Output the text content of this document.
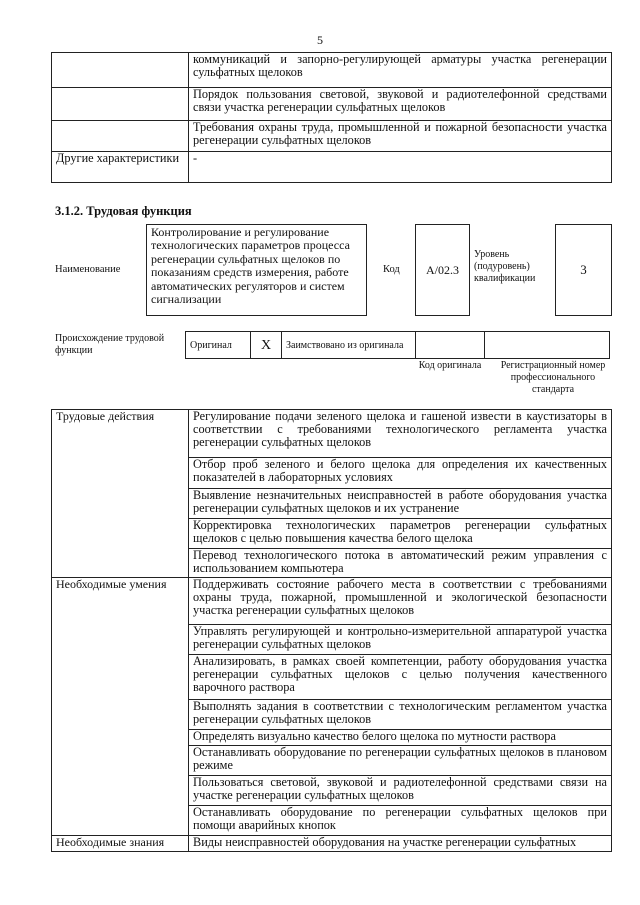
5
	коммуникаций и запорно-регулирующей арматуры участка регенерации сульфатных щелоков
	Порядок пользования световой, звуковой и радиотелефонной средствами связи участка регенерации сульфатных щелоков
	Требования охраны труда, промышленной и пожарной безопасности участка регенерации сульфатных щелоков
Другие характеристики	-
3.1.2. Трудовая функция
Наименование
Контролирование и регулирование технологических параметров процесса регенерации сульфатных щелоков по показаниям средств измерения, работе автоматических регуляторов и систем сигнализации
Код A/02.3
Уровень (подуровень) квалификации
3
Происхождение трудовой функции	Оригинал	X	Заимствовано из оригинала		
Код оригинала	Регистрационный номер профессионального стандарта
Трудовые действия	Регулирование подачи зеленого щелока и гашеной извести в каустизаторы в соответствии с требованиями технологического регламента участка регенерации сульфатных щелоков
	Отбор проб зеленого и белого щелока для определения их качественных показателей в лабораторных условиях
	Выявление незначительных неисправностей в работе оборудования участка регенерации сульфатных щелоков и их устранение
	Корректировка технологических параметров регенерации сульфатных щелоков с целью повышения качества белого щелока
	Перевод технологического потока в автоматический режим управления с использованием компьютера
Необходимые умения	Поддерживать состояние рабочего места в соответствии с требованиями охраны труда, пожарной, промышленной и экологической безопасности участка регенерации сульфатных щелоков
	Управлять регулирующей и контрольно-измерительной аппаратурой участка регенерации сульфатных щелоков
	Анализировать, в рамках своей компетенции, работу оборудования участка регенерации сульфатных щелоков с целью получения качественного варочного раствора
	Выполнять задания в соответствии с технологическим регламентом участка регенерации сульфатных щелоков
	Определять визуально качество белого щелока по мутности раствора
	Останавливать оборудование по регенерации сульфатных щелоков в плановом режиме
	Пользоваться световой, звуковой и радиотелефонной средствами связи на участке регенерации сульфатных щелоков
	Останавливать оборудование по регенерации сульфатных щелоков при помощи аварийных кнопок
Необходимые знания	Виды неисправностей оборудования на участке регенерации сульфатных
